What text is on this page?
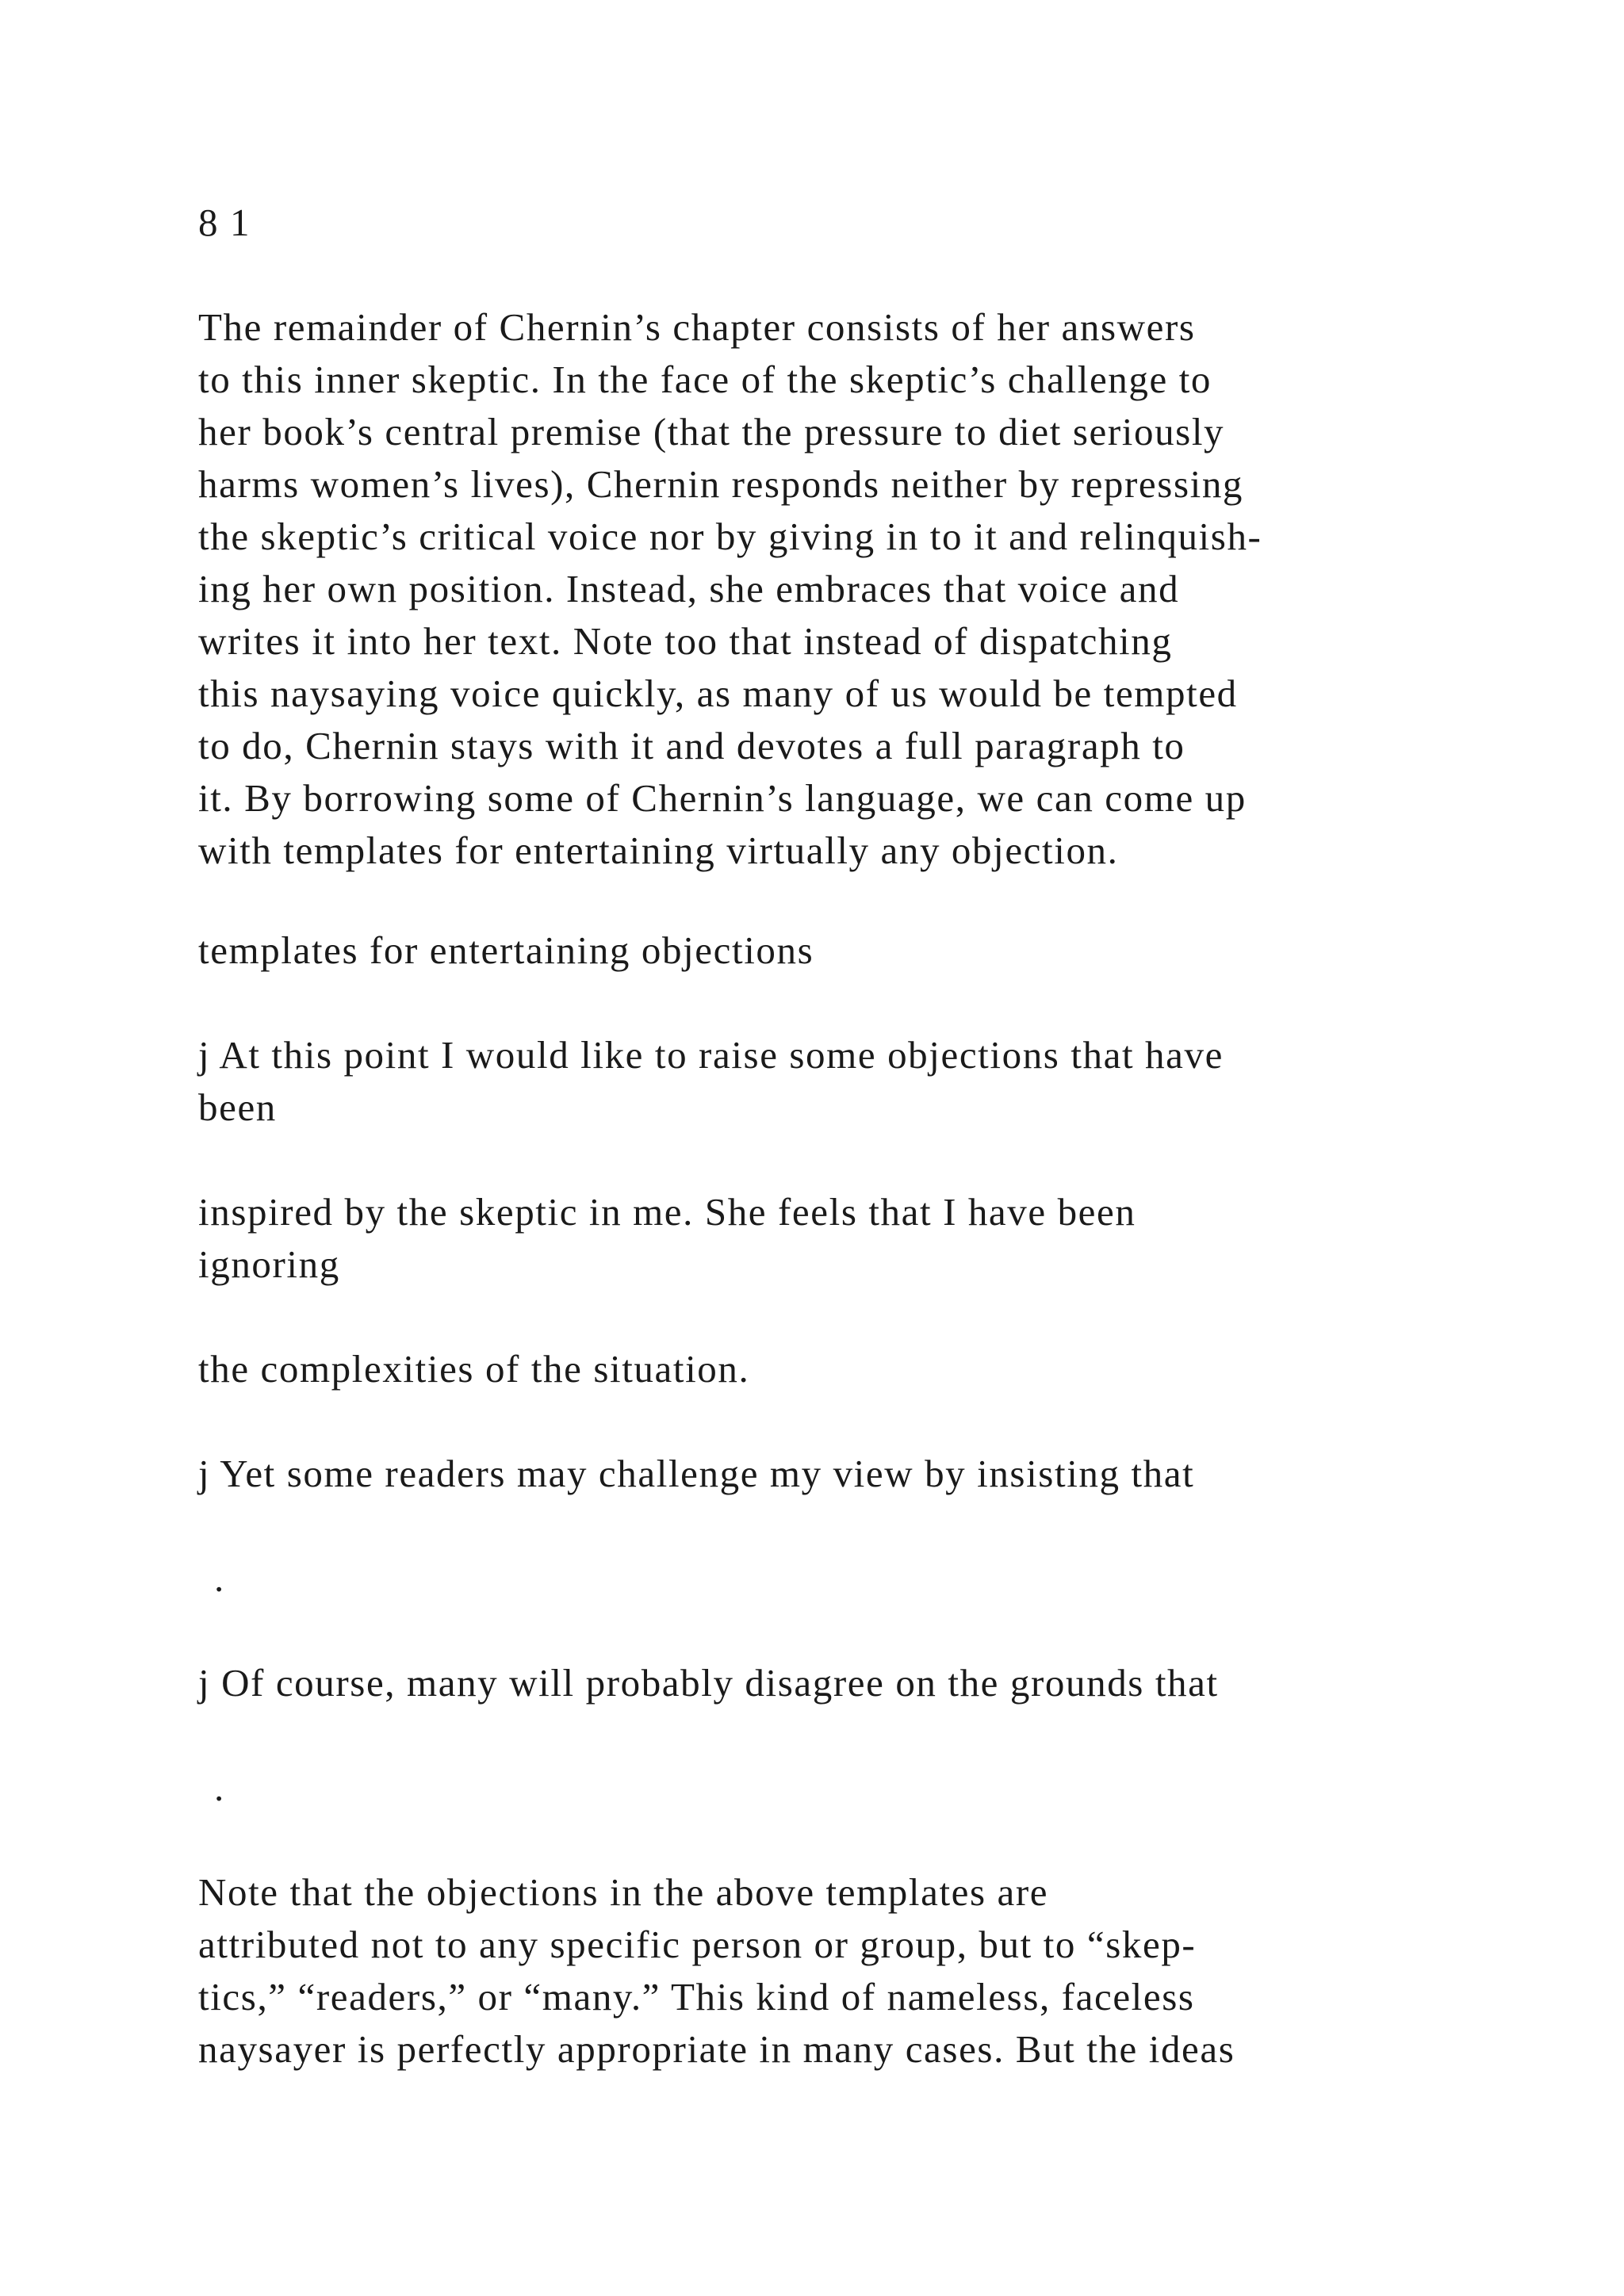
8 1

The remainder of Chernin’s chapter consists of her answers
to this inner skeptic. In the face of the skeptic’s challenge to
her book’s central premise (that the pressure to diet seriously
harms women’s lives), Chernin responds neither by repressing
the skeptic’s critical voice nor by giving in to it and relinquish-
ing her own position. Instead, she embraces that voice and
writes it into her text. Note too that instead of dispatching
this naysaying voice quickly, as many of us would be tempted
to do, Chernin stays with it and devotes a full paragraph to
it. By borrowing some of Chernin’s language, we can come up
with templates for entertaining virtually any objection.

templates for entertaining objections

j At this point I would like to raise some objections that have
been
inspired by the skeptic in me. She feels that I have been
ignoring

the complexities of the situation.

j Yet some readers may challenge my view by insisting that

.

j Of course, many will probably disagree on the grounds that

.

Note that the objections in the above templates are
attributed not to any specific person or group, but to “skep-
tics,” “readers,” or “many.” This kind of nameless, faceless
naysayer is perfectly appropriate in many cases. But the ideas
